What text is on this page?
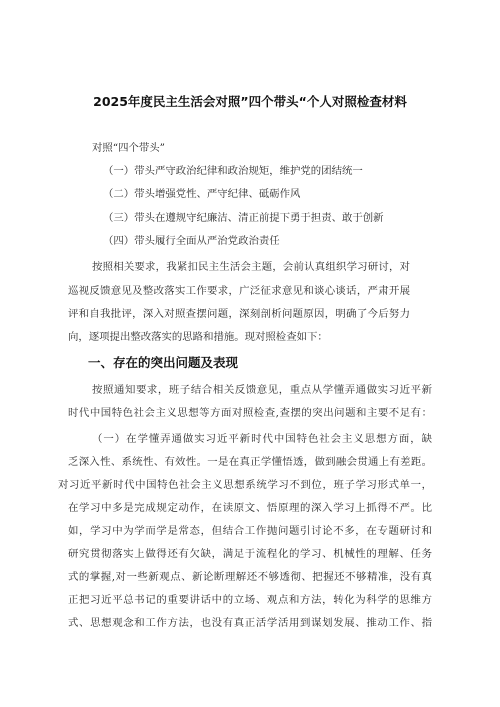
2025年度民主生活会对照”四个带头“个人对照检查材料
对照“四个带头”
（一）带头严守政治纪律和政治规矩，维护党的团结统一
（二）带头增强党性、严守纪律、砥砺作风
（三）带头在遵规守纪廉洁、清正前提下勇于担责、敢于创新
（四）带头履行全面从严治党政治责任
按照相关要求，我紧扣民主生活会主题，会前认真组织学习研讨，对
巡视反馈意见及整改落实工作要求，广泛征求意见和谈心谈话，严肃开展
评和自我批评，深入对照查摆问题，深刻剖析问题原因，明确了今后努力
向，逐项提出整改落实的思路和措施。现对照检查如下：
一、存在的突出问题及表现
按照通知要求，班子结合相关反馈意见，重点从学懂弄通做实习近平新
时代中国特色社会主义思想等方面对照检查,查摆的突出问题和主要不足有：
（一）在学懂弄通做实习近平新时代中国特色社会主义思想方面，缺
乏深入性、系统性、有效性。一是在真正学懂悟透，做到融会贯通上有差距。
对习近平新时代中国特色社会主义思想系统学习不到位，班子学习形式单一，
在学习中多是完成规定动作，在读原文、悟原理的深入学习上抓得不严。比
如，学习中为学而学是常态，但结合工作抛问题引讨论不多，在专题研讨和
研究贯彻落实上做得还有欠缺，满足于流程化的学习、机械性的理解、任务
式的掌握,对一些新观点、新论断理解还不够透彻、把握还不够精准，没有真
正把习近平总书记的重要讲话中的立场、观点和方法，转化为科学的思维方
式、思想观念和工作方法，也没有真正活学活用到谋划发展、推动工作、指
